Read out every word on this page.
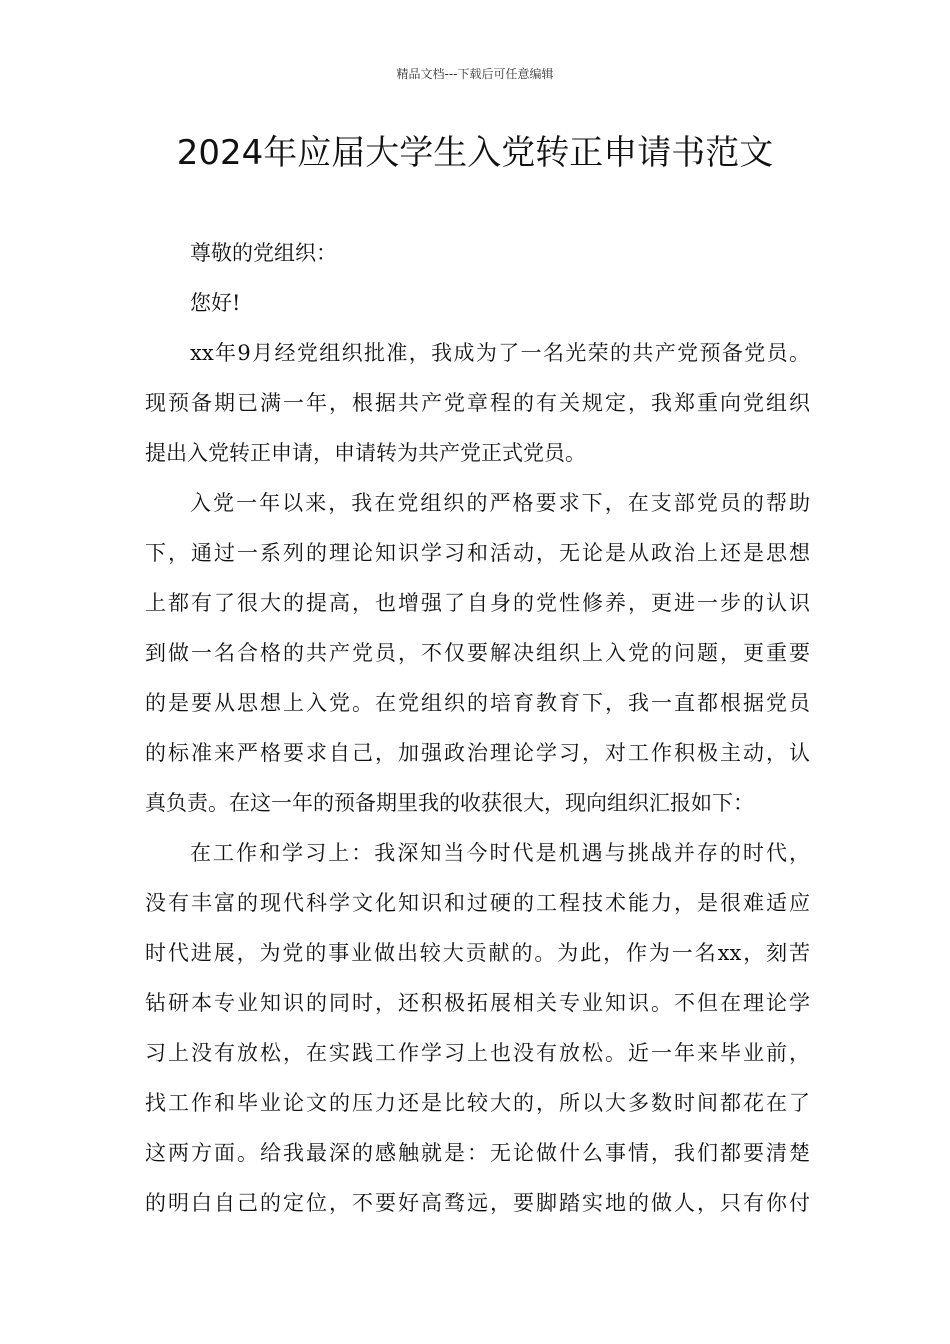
精品文档---下载后可任意编辑
2024年应届大学生入党转正申请书范文
尊敬的党组织：
您好!
xx年9月经党组织批准，我成为了一名光荣的共产党预备党员。
现预备期已满一年，根据共产党章程的有关规定，我郑重向党组织
提出入党转正申请，申请转为共产党正式党员。
入党一年以来，我在党组织的严格要求下，在支部党员的帮助
下，通过一系列的理论知识学习和活动，无论是从政治上还是思想
上都有了很大的提高，也增强了自身的党性修养，更进一步的认识
到做一名合格的共产党员，不仅要解决组织上入党的问题，更重要
的是要从思想上入党。在党组织的培育教育下，我一直都根据党员
的标准来严格要求自己，加强政治理论学习，对工作积极主动，认
真负责。在这一年的预备期里我的收获很大，现向组织汇报如下：
在工作和学习上：我深知当今时代是机遇与挑战并存的时代，
没有丰富的现代科学文化知识和过硬的工程技术能力，是很难适应
时代进展，为党的事业做出较大贡献的。为此，作为一名xx，刻苦
钻研本专业知识的同时，还积极拓展相关专业知识。不但在理论学
习上没有放松，在实践工作学习上也没有放松。近一年来毕业前，
找工作和毕业论文的压力还是比较大的，所以大多数时间都花在了
这两方面。给我最深的感触就是：无论做什么事情，我们都要清楚
的明白自己的定位，不要好高骛远，要脚踏实地的做人，只有你付
